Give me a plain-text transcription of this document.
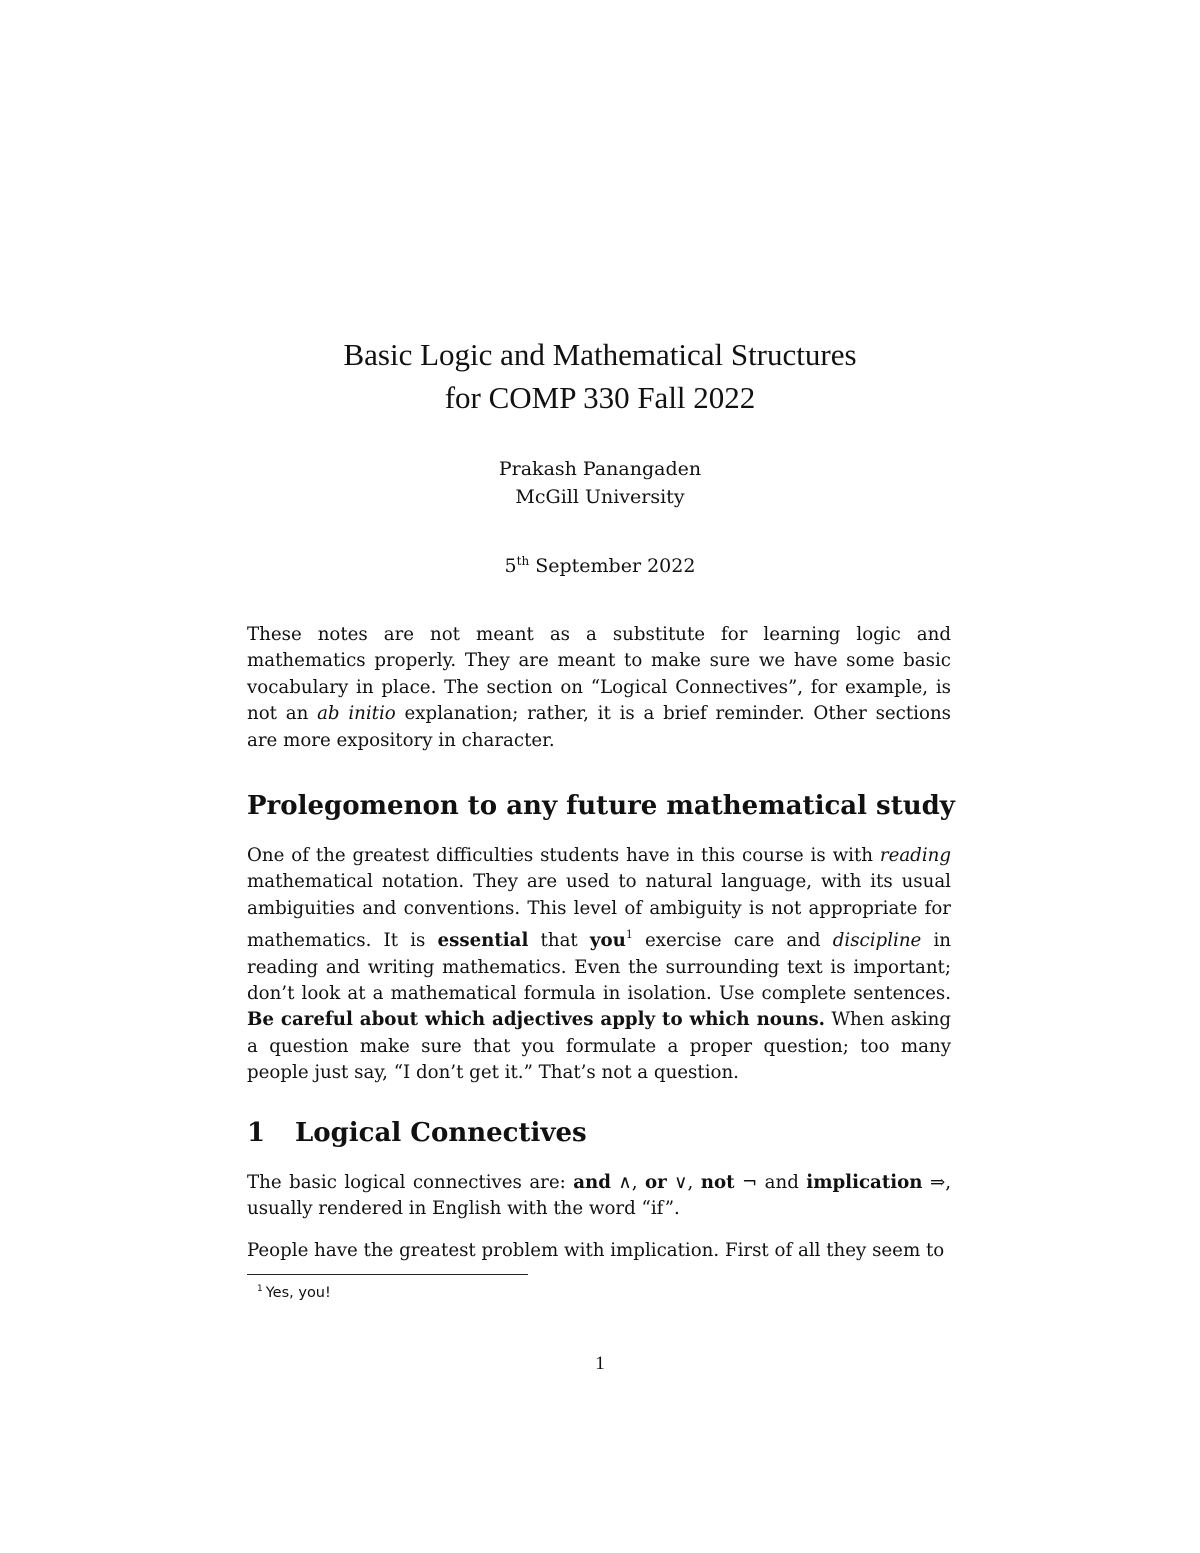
Basic Logic and Mathematical Structures
for COMP 330 Fall 2022
Prakash Panangaden
McGill University
5th September 2022
These notes are not meant as a substitute for learning logic and mathematics properly. They are meant to make sure we have some basic vocabulary in place. The section on “Logical Connectives”, for example, is not an ab initio explanation; rather, it is a brief reminder. Other sections are more expository in character.
Prolegomenon to any future mathematical study
One of the greatest difficulties students have in this course is with reading mathematical notation. They are used to natural language, with its usual ambiguities and conventions. This level of ambiguity is not appropriate for mathematics. It is essential that you$^1$ exercise care and discipline in reading and writing mathematics. Even the surrounding text is important; don’t look at a mathematical formula in isolation. Use complete sentences. Be careful about which adjectives apply to which nouns. When asking a question make sure that you formulate a proper question; too many people just say, “I don’t get it.” That’s not a question.
1 Logical Connectives
The basic logical connectives are: and ∧, or ∨, not ¬ and implication ⇒, usually rendered in English with the word “if”.
People have the greatest problem with implication. First of all they seem to
$^1$ Yes, you!
1
